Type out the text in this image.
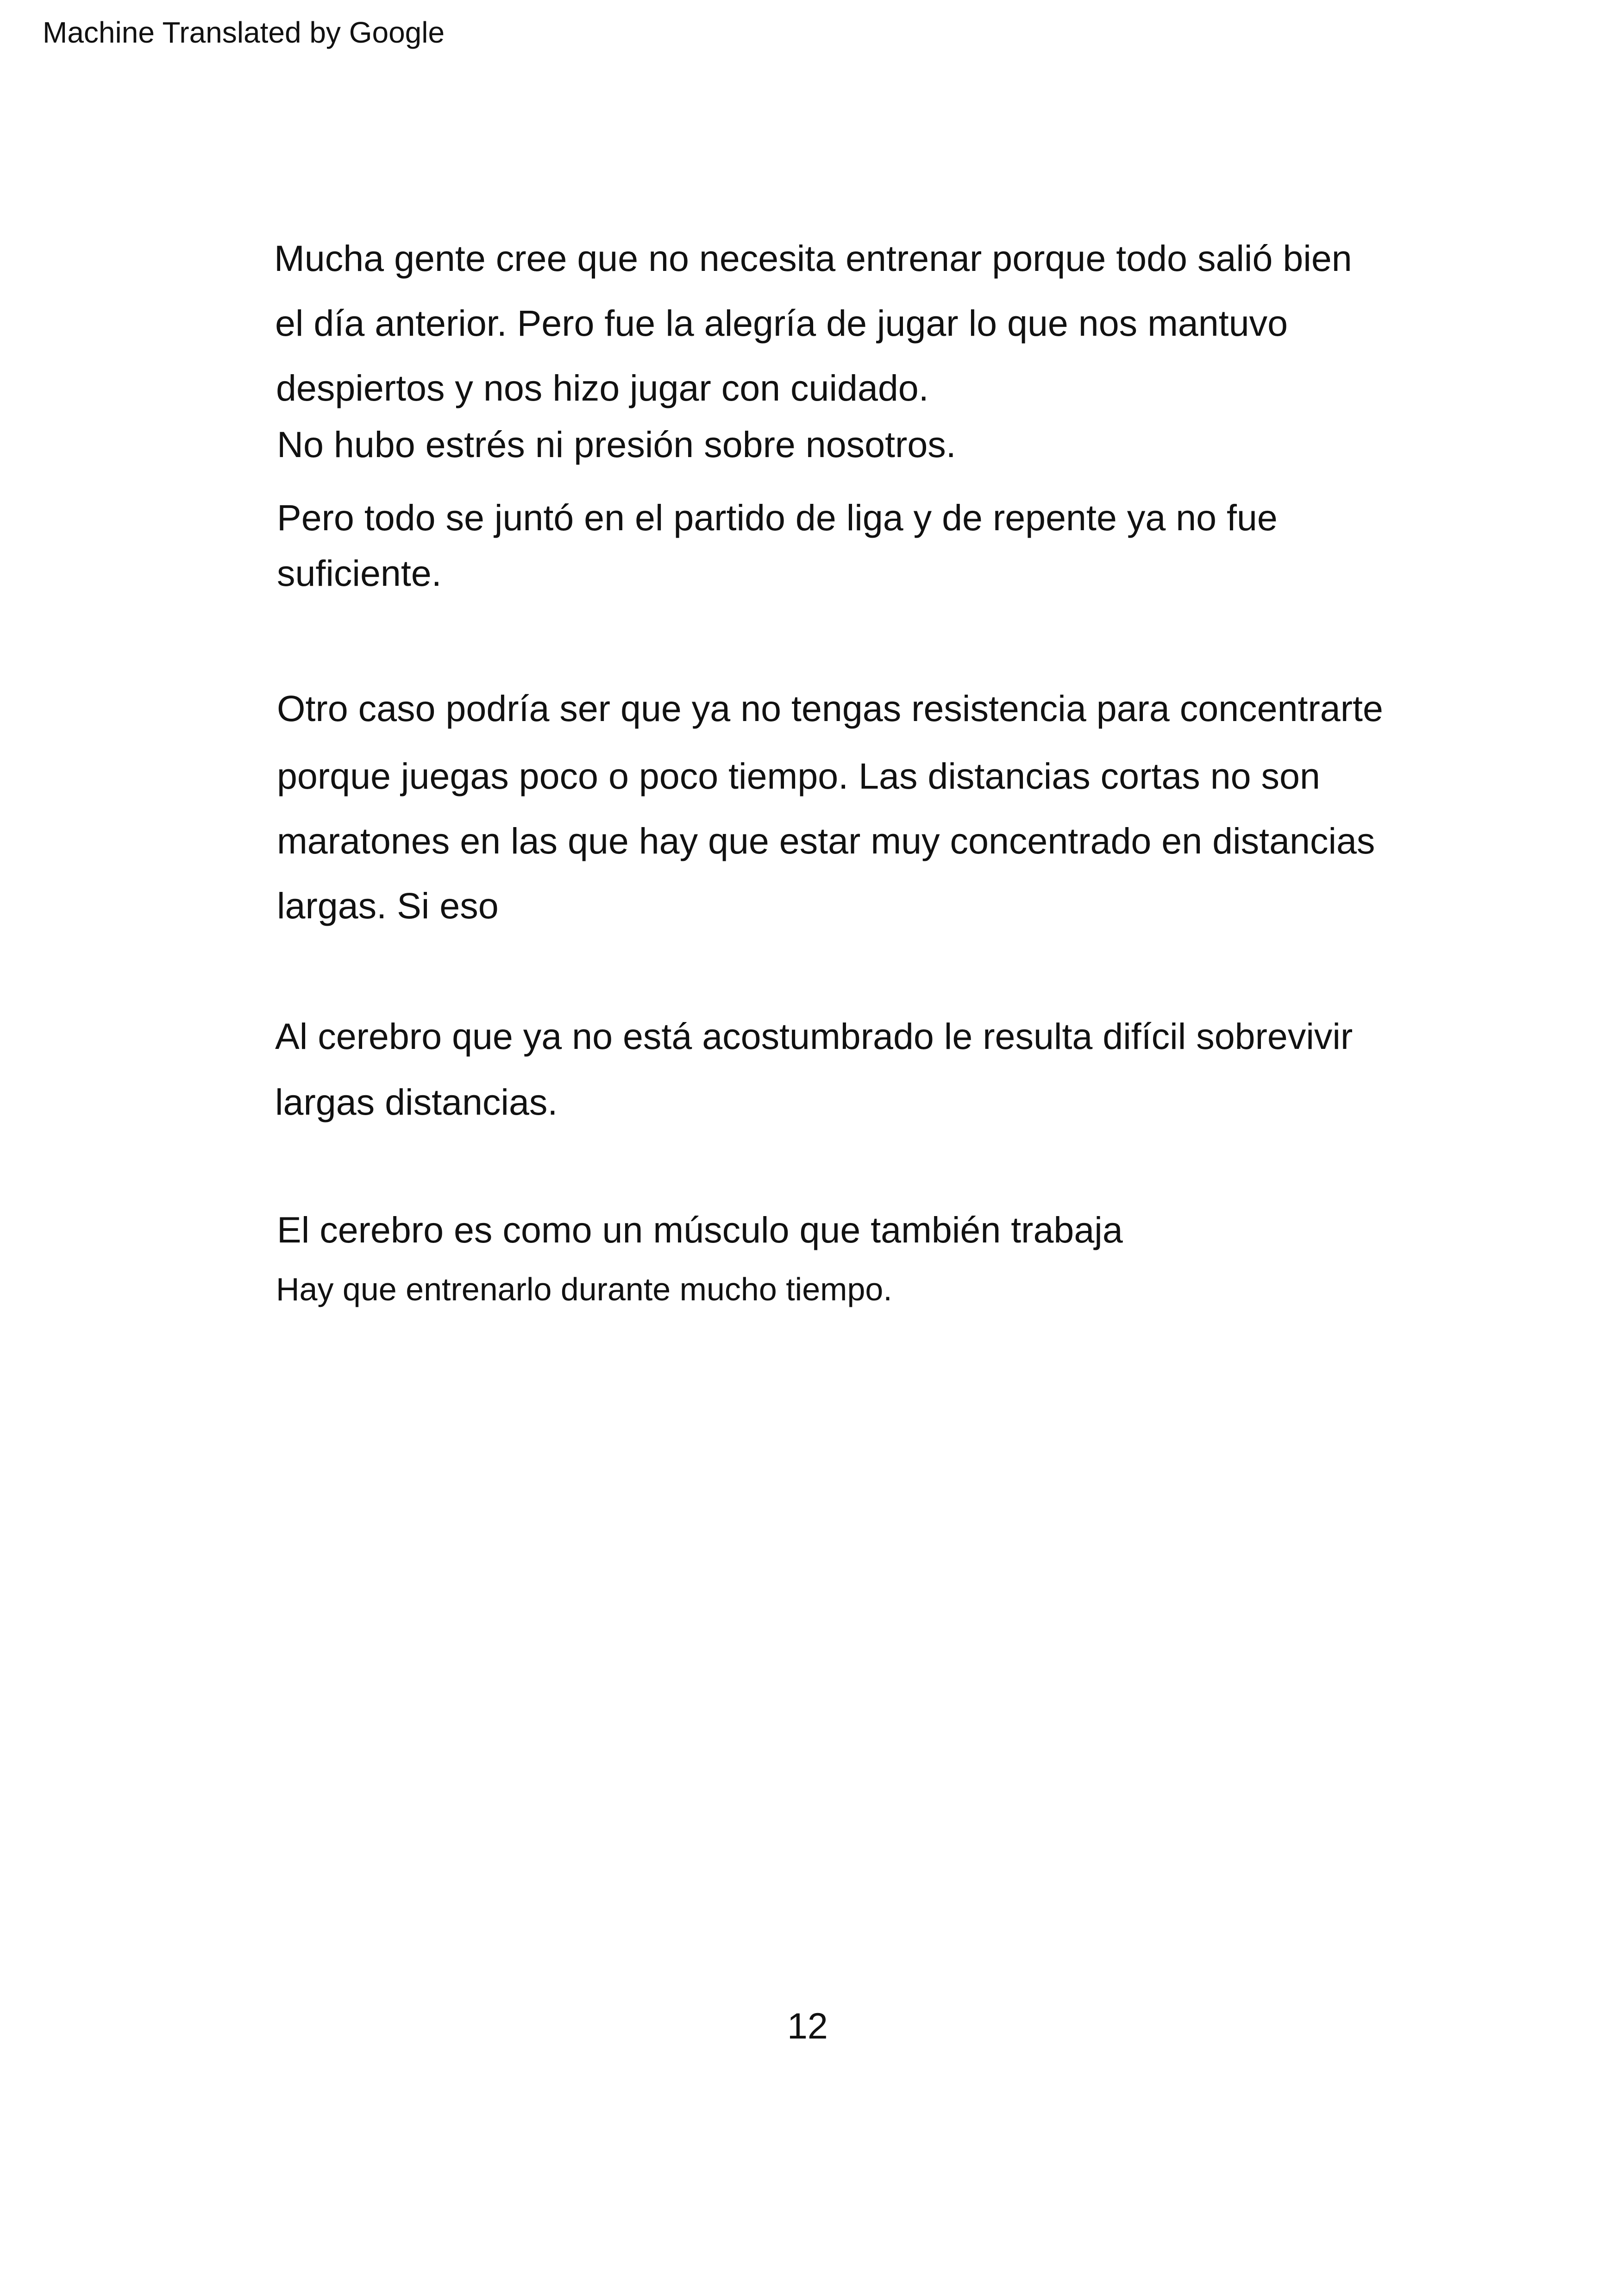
Machine Translated by Google
Mucha gente cree que no necesita entrenar porque todo salió bien
el día anterior. Pero fue la alegría de jugar lo que nos mantuvo
despiertos y nos hizo jugar con cuidado.
No hubo estrés ni presión sobre nosotros.
Pero todo se juntó en el partido de liga y de repente ya no fue
suficiente.
Otro caso podría ser que ya no tengas resistencia para concentrarte
porque juegas poco o poco tiempo. Las distancias cortas no son
maratones en las que hay que estar muy concentrado en distancias
largas. Si eso
Al cerebro que ya no está acostumbrado le resulta difícil sobrevivir
largas distancias.
El cerebro es como un músculo que también trabaja
Hay que entrenarlo durante mucho tiempo.
12
